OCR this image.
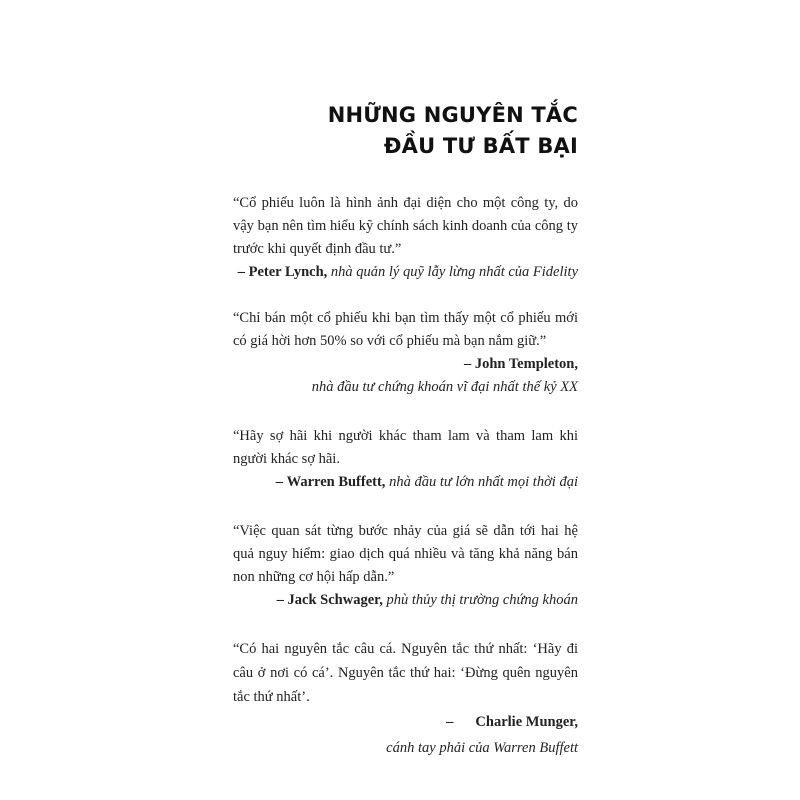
NHỮNG NGUYÊN TẮC
ĐẦU TƯ BẤT BẠI
“Cổ phiếu luôn là hình ảnh đại diện cho một công ty, do vậy bạn nên tìm hiểu kỹ chính sách kinh doanh của công ty trước khi quyết định đầu tư.”
– Peter Lynch, nhà quản lý quỹ lẫy lừng nhất của Fidelity
“Chỉ bán một cổ phiếu khi bạn tìm thấy một cổ phiếu mới có giá hời hơn 50% so với cổ phiếu mà bạn nắm giữ.”
– John Templeton,
nhà đầu tư chứng khoán vĩ đại nhất thế kỷ XX
“Hãy sợ hãi khi người khác tham lam và tham lam khi người khác sợ hãi.
– Warren Buffett, nhà đầu tư lớn nhất mọi thời đại
“Việc quan sát từng bước nhảy của giá sẽ dẫn tới hai hệ quả nguy hiểm: giao dịch quá nhiều và tăng khả năng bán non những cơ hội hấp dẫn.”
– Jack Schwager, phù thủy thị trường chứng khoán
“Có hai nguyên tắc câu cá. Nguyên tắc thứ nhất: ‘Hãy đi câu ở nơi có cá’. Nguyên tắc thứ hai: ‘Đừng quên nguyên tắc thứ nhất’.
– Charlie Munger,
cánh tay phải của Warren Buffett
